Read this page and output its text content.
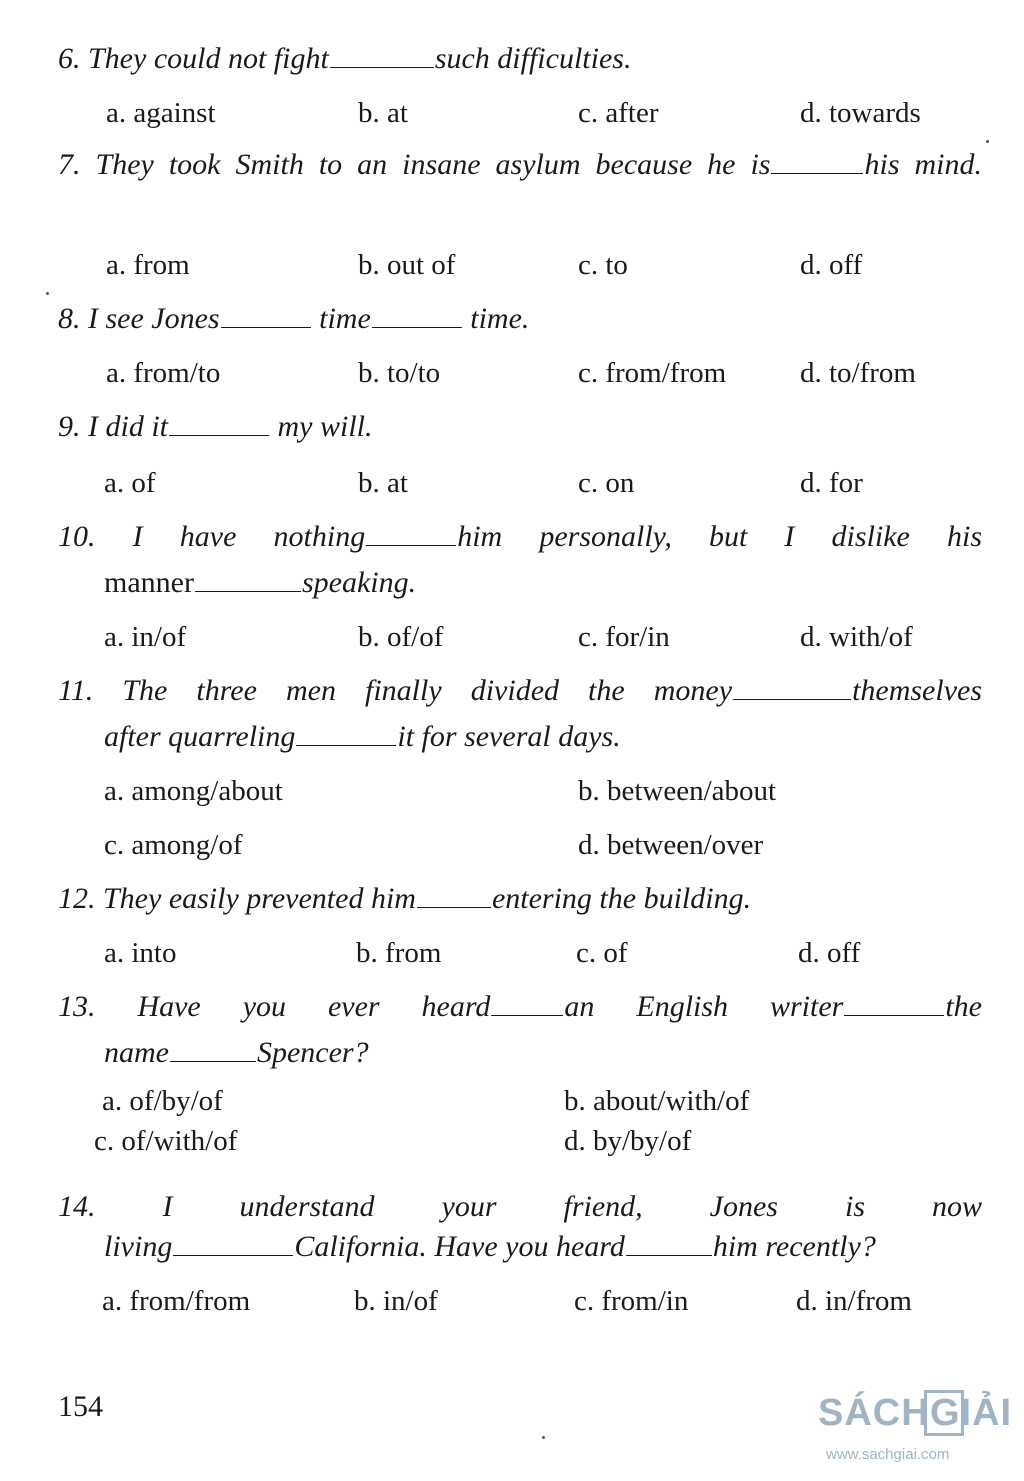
6. They could not fight	such difficulties.
a. against	b. at	c. after	d. towards
7. They took Smith to an insane asylum because he is	his mind.
a. from	b. out of	c. to	d. off
8. I see Jones	time	time.
a. from/to	b. to/to	c. from/from	d. to/from
9. I did it	my will.
a. of	b. at	c. on	d. for
10. I have nothing	him personally, but I dislike his
manner	speaking.
a. in/of	b. of/of	c. for/in	d. with/of
11. The three men finally divided the money	themselves
after quarreling	it for several days.
a. among/about	b. between/about
c. among/of	d. between/over
12. They easily prevented him	entering the building.
a. into	b. from	c. of	d. off
13. Have you ever heard an English writer	the
name	Spencer?
a. of/by/of	b. about/with/of
c. of/with/of	d. by/by/of
14. I understand your friend, Jones is now
living	California. Have you heard	him recently?
a. from/from	b. in/of	c. from/in	d. in/from
154	SÁCH GIẢI
www.sachgiai.com
